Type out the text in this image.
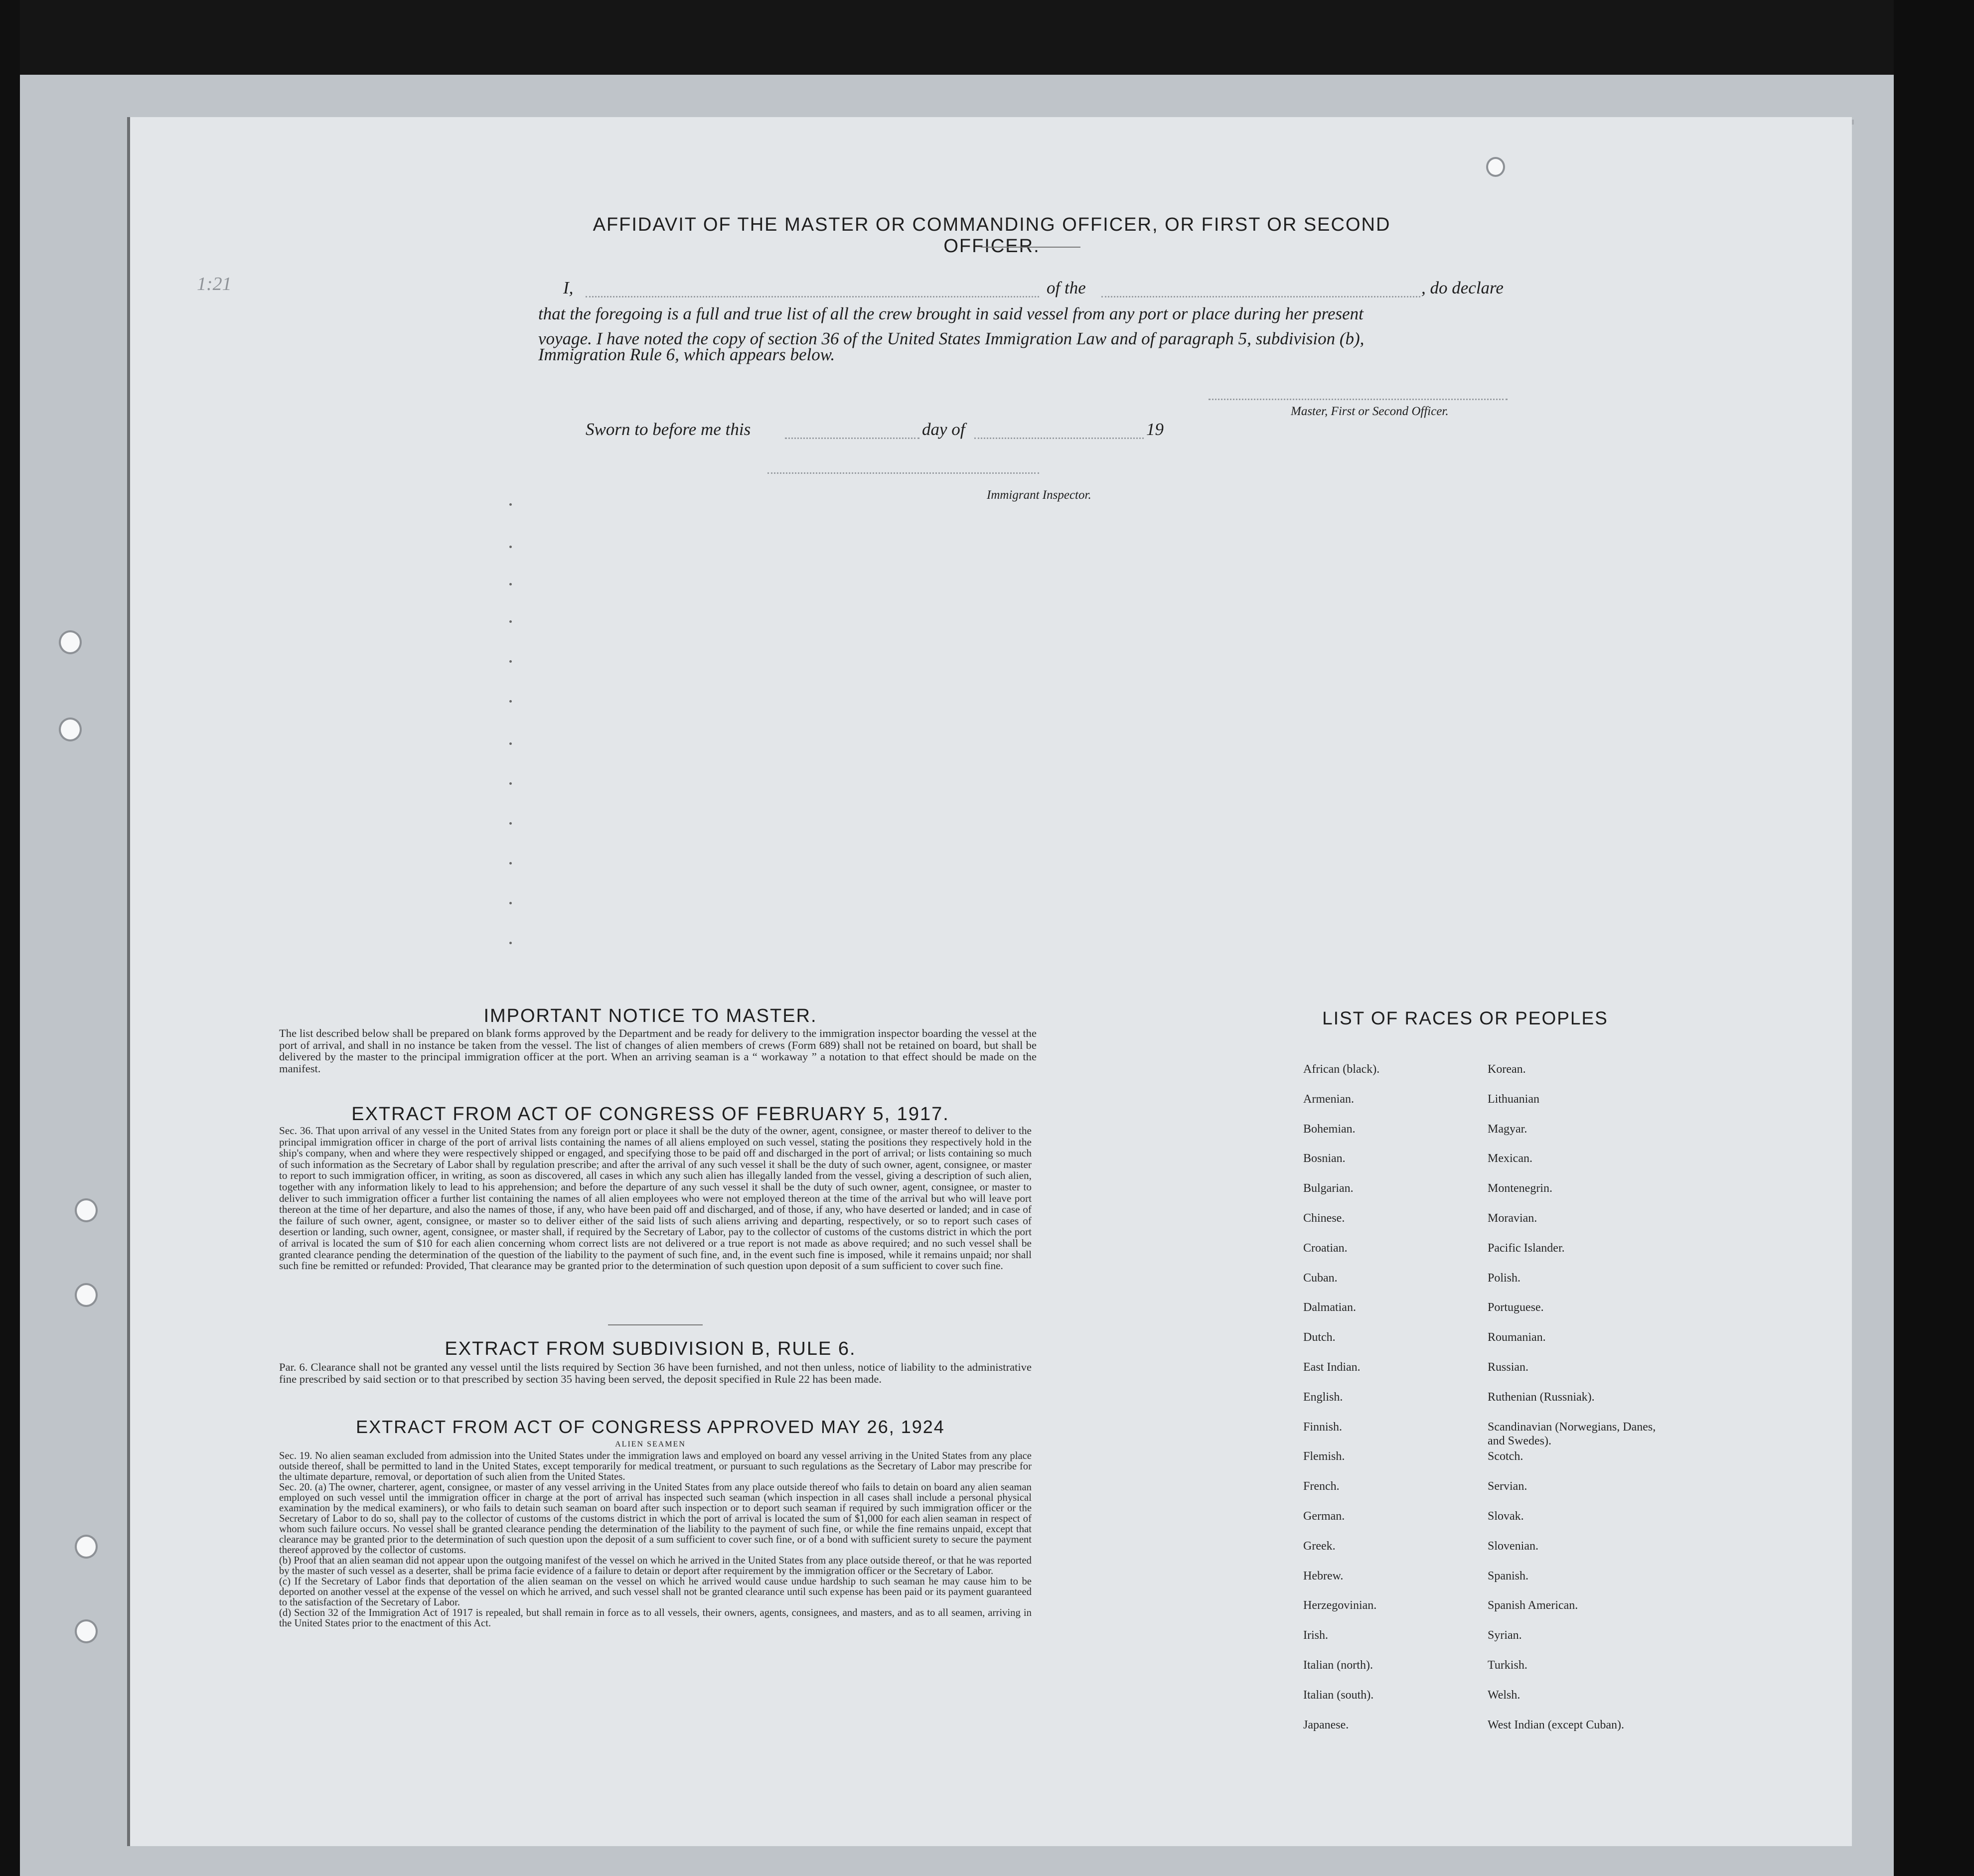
1:21
AFFIDAVIT OF THE MASTER OR COMMANDING OFFICER, OR FIRST OR SECOND OFFICER.
I,	of the	, do declare
that the foregoing is a full and true list of all the crew brought in said vessel from any port or place during her present
voyage. I have noted the copy of section 36 of the United States Immigration Law and of paragraph 5, subdivision (b),
Immigration Rule 6, which appears below.
Master, First or Second Officer.
Sworn to before me this	day of	19
Immigrant Inspector.
IMPORTANT NOTICE TO MASTER.
The list described below shall be prepared on blank forms approved by the Department and be ready for delivery to the immigration inspector boarding the vessel at the port of arrival, and shall in no instance be taken from the vessel. The list of changes of alien members of crews (Form 689) shall not be retained on board, but shall be delivered by the master to the principal immigration officer at the port. When an arriving seaman is a “ workaway ” a notation to that effect should be made on the manifest.
EXTRACT FROM ACT OF CONGRESS OF FEBRUARY 5, 1917.
Sec. 36. That upon arrival of any vessel in the United States from any foreign port or place it shall be the duty of the owner, agent, consignee, or master thereof to deliver to the principal immigration officer in charge of the port of arrival lists containing the names of all aliens employed on such vessel, stating the positions they respectively hold in the ship's company, when and where they were respectively shipped or engaged, and specifying those to be paid off and discharged in the port of arrival; or lists containing so much of such information as the Secretary of Labor shall by regulation prescribe; and after the arrival of any such vessel it shall be the duty of such owner, agent, consignee, or master to report to such immigration officer, in writing, as soon as discovered, all cases in which any such alien has illegally landed from the vessel, giving a description of such alien, together with any information likely to lead to his apprehension; and before the departure of any such vessel it shall be the duty of such owner, agent, consignee, or master to deliver to such immigration officer a further list containing the names of all alien employees who were not employed thereon at the time of the arrival but who will leave port thereon at the time of her departure, and also the names of those, if any, who have been paid off and discharged, and of those, if any, who have deserted or landed; and in case of the failure of such owner, agent, consignee, or master so to deliver either of the said lists of such aliens arriving and departing, respectively, or so to report such cases of desertion or landing, such owner, agent, consignee, or master shall, if required by the Secretary of Labor, pay to the collector of customs of the customs district in which the port of arrival is located the sum of $10 for each alien concerning whom correct lists are not delivered or a true report is not made as above required; and no such vessel shall be granted clearance pending the determination of the question of the liability to the payment of such fine, and, in the event such fine is imposed, while it remains unpaid; nor shall such fine be remitted or refunded: Provided, That clearance may be granted prior to the determination of such question upon deposit of a sum sufficient to cover such fine.
EXTRACT FROM SUBDIVISION B, RULE 6.
Par. 6. Clearance shall not be granted any vessel until the lists required by Section 36 have been furnished, and not then unless, notice of liability to the administrative fine prescribed by said section or to that prescribed by section 35 having been served, the deposit specified in Rule 22 has been made.
EXTRACT FROM ACT OF CONGRESS APPROVED MAY 26, 1924
ALIEN SEAMEN
Sec. 19. No alien seaman excluded from admission into the United States under the immigration laws and employed on board any vessel arriving in the United States from any place outside thereof, shall be permitted to land in the United States, except temporarily for medical treatment, or pursuant to such regulations as the Secretary of Labor may prescribe for the ultimate departure, removal, or deportation of such alien from the United States.
Sec. 20. (a) The owner, charterer, agent, consignee, or master of any vessel arriving in the United States from any place outside thereof who fails to detain on board any alien seaman employed on such vessel until the immigration officer in charge at the port of arrival has inspected such seaman (which inspection in all cases shall include a personal physical examination by the medical examiners), or who fails to detain such seaman on board after such inspection or to deport such seaman if required by such immigration officer or the Secretary of Labor to do so, shall pay to the collector of customs of the customs district in which the port of arrival is located the sum of $1,000 for each alien seaman in respect of whom such failure occurs. No vessel shall be granted clearance pending the determination of the liability to the payment of such fine, or while the fine remains unpaid, except that clearance may be granted prior to the determination of such question upon the deposit of a sum sufficient to cover such fine, or of a bond with sufficient surety to secure the payment thereof approved by the collector of customs.
(b) Proof that an alien seaman did not appear upon the outgoing manifest of the vessel on which he arrived in the United States from any place outside thereof, or that he was reported by the master of such vessel as a deserter, shall be prima facie evidence of a failure to detain or deport after requirement by the immigration officer or the Secretary of Labor.
(c) If the Secretary of Labor finds that deportation of the alien seaman on the vessel on which he arrived would cause undue hardship to such seaman he may cause him to be deported on another vessel at the expense of the vessel on which he arrived, and such vessel shall not be granted clearance until such expense has been paid or its payment guaranteed to the satisfaction of the Secretary of Labor.
(d) Section 32 of the Immigration Act of 1917 is repealed, but shall remain in force as to all vessels, their owners, agents, consignees, and masters, and as to all seamen, arriving in the United States prior to the enactment of this Act.
LIST OF RACES OR PEOPLES
African (black).
Armenian.
Bohemian.
Bosnian.
Bulgarian.
Chinese.
Croatian.
Cuban.
Dalmatian.
Dutch.
East Indian.
English.
Finnish.
Flemish.
French.
German.
Greek.
Hebrew.
Herzegovinian.
Irish.
Italian (north).
Italian (south).
Japanese.
Korean.
Lithuanian
Magyar.
Mexican.
Montenegrin.
Moravian.
Pacific Islander.
Polish.
Portuguese.
Roumanian.
Russian.
Ruthenian (Russniak).
Scandinavian (Norwegians, Danes, and Swedes).
Scotch.
Servian.
Slovak.
Slovenian.
Spanish.
Spanish American.
Syrian.
Turkish.
Welsh.
West Indian (except Cuban).
